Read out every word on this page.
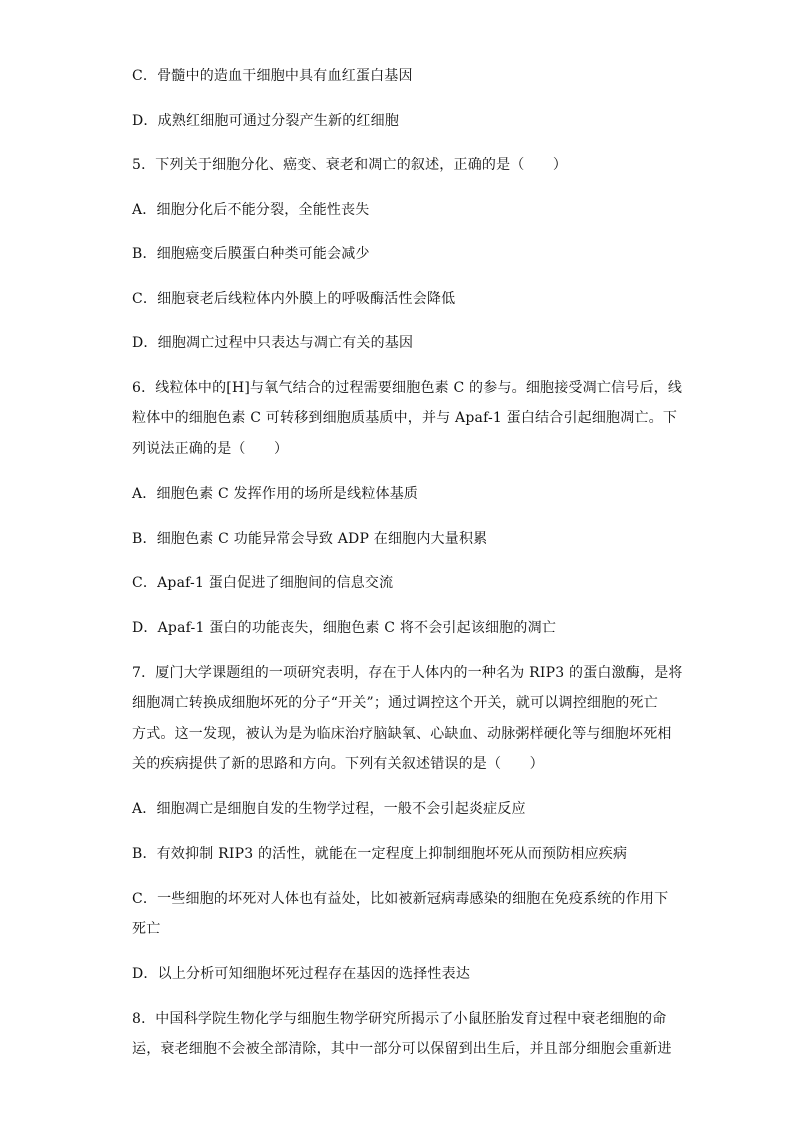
C．骨髓中的造血干细胞中具有血红蛋白基因
D．成熟红细胞可通过分裂产生新的红细胞
5．下列关于细胞分化、癌变、衰老和凋亡的叙述，正确的是（　　）
A．细胞分化后不能分裂，全能性丧失
B．细胞癌变后膜蛋白种类可能会减少
C．细胞衰老后线粒体内外膜上的呼吸酶活性会降低
D．细胞凋亡过程中只表达与凋亡有关的基因
6．线粒体中的[H]与氧气结合的过程需要细胞色素 C 的参与。细胞接受凋亡信号后，线
粒体中的细胞色素 C 可转移到细胞质基质中，并与 Apaf-1 蛋白结合引起细胞凋亡。下
列说法正确的是（　　）
A．细胞色素 C 发挥作用的场所是线粒体基质
B．细胞色素 C 功能异常会导致 ADP 在细胞内大量积累
C．Apaf-1 蛋白促进了细胞间的信息交流
D．Apaf-1 蛋白的功能丧失，细胞色素 C 将不会引起该细胞的凋亡
7．厦门大学课题组的一项研究表明，存在于人体内的一种名为 RIP3 的蛋白激酶，是将
细胞凋亡转换成细胞坏死的分子“开关”；通过调控这个开关，就可以调控细胞的死亡
方式。这一发现，被认为是为临床治疗脑缺氧、心缺血、动脉粥样硬化等与细胞坏死相
关的疾病提供了新的思路和方向。下列有关叙述错误的是（　　）
A．细胞凋亡是细胞自发的生物学过程，一般不会引起炎症反应
B．有效抑制 RIP3 的活性，就能在一定程度上抑制细胞坏死从而预防相应疾病
C．一些细胞的坏死对人体也有益处，比如被新冠病毒感染的细胞在免疫系统的作用下
死亡
D．以上分析可知细胞坏死过程存在基因的选择性表达
8．中国科学院生物化学与细胞生物学研究所揭示了小鼠胚胎发育过程中衰老细胞的命
运，衰老细胞不会被全部清除，其中一部分可以保留到出生后，并且部分细胞会重新进
